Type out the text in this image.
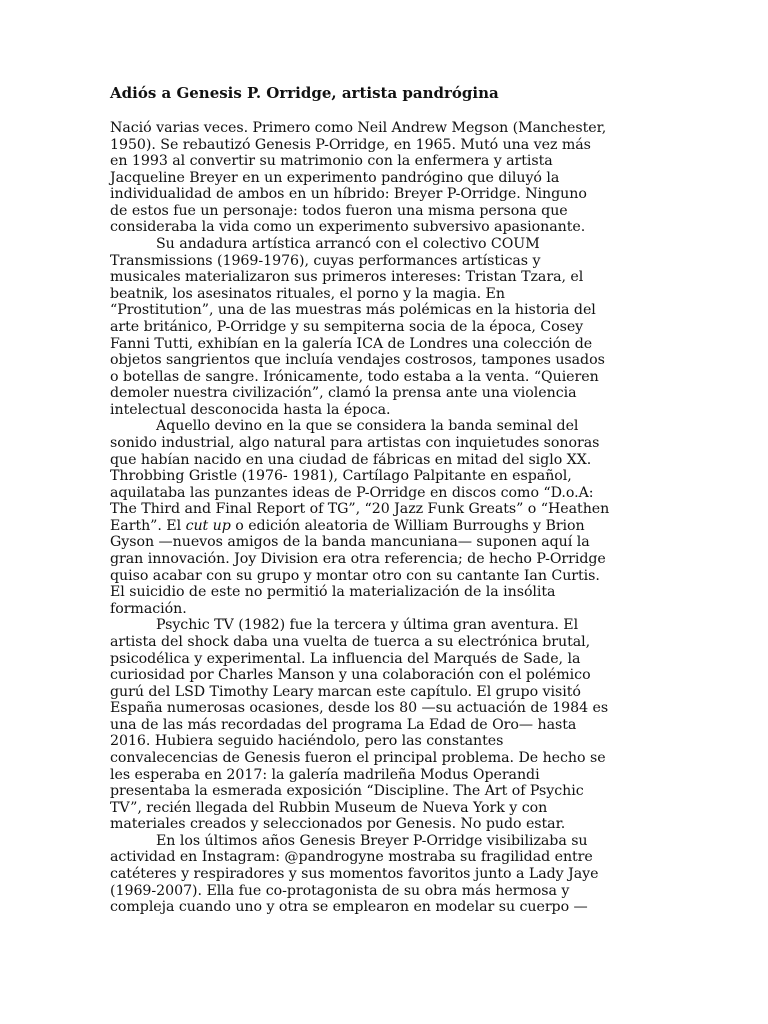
Adiós a Genesis P. Orridge, artista pandrógina
Nació varias veces. Primero como Neil Andrew Megson (Manchester,
1950). Se rebautizó Genesis P-Orridge, en 1965. Mutó una vez más
en 1993 al convertir su matrimonio con la enfermera y artista
Jacqueline Breyer en un experimento pandrógino que diluyó la
individualidad de ambos en un híbrido: Breyer P-Orridge. Ninguno
de estos fue un personaje: todos fueron una misma persona que
consideraba la vida como un experimento subversivo apasionante.
Su andadura artística arrancó con el colectivo COUM
Transmissions (1969-1976), cuyas performances artísticas y
musicales materializaron sus primeros intereses: Tristan Tzara, el
beatnik, los asesinatos rituales, el porno y la magia. En
“Prostitution”, una de las muestras más polémicas en la historia del
arte británico, P-Orridge y su sempiterna socia de la época, Cosey
Fanni Tutti, exhibían en la galería ICA de Londres una colección de
objetos sangrientos que incluía vendajes costrosos, tampones usados
o botellas de sangre. Irónicamente, todo estaba a la venta. “Quieren
demoler nuestra civilización”, clamó la prensa ante una violencia
intelectual desconocida hasta la época.
Aquello devino en la que se considera la banda seminal del
sonido industrial, algo natural para artistas con inquietudes sonoras
que habían nacido en una ciudad de fábricas en mitad del siglo XX.
Throbbing Gristle (1976- 1981), Cartílago Palpitante en español,
aquilataba las punzantes ideas de P-Orridge en discos como “D.o.A:
The Third and Final Report of TG”, “20 Jazz Funk Greats” o “Heathen
Earth”. El cut up o edición aleatoria de William Burroughs y Brion
Gyson —nuevos amigos de la banda mancuniana— suponen aquí la
gran innovación. Joy Division era otra referencia; de hecho P-Orridge
quiso acabar con su grupo y montar otro con su cantante Ian Curtis.
El suicidio de este no permitió la materialización de la insólita
formación.
Psychic TV (1982) fue la tercera y última gran aventura. El
artista del shock daba una vuelta de tuerca a su electrónica brutal,
psicodélica y experimental. La influencia del Marqués de Sade, la
curiosidad por Charles Manson y una colaboración con el polémico
gurú del LSD Timothy Leary marcan este capítulo. El grupo visitó
España numerosas ocasiones, desde los 80 —su actuación de 1984 es
una de las más recordadas del programa La Edad de Oro— hasta
2016. Hubiera seguido haciéndolo, pero las constantes
convalecencias de Genesis fueron el principal problema. De hecho se
les esperaba en 2017: la galería madrileña Modus Operandi
presentaba la esmerada exposición “Discipline. The Art of Psychic
TV”, recién llegada del Rubbin Museum de Nueva York y con
materiales creados y seleccionados por Genesis. No pudo estar.
En los últimos años Genesis Breyer P-Orridge visibilizaba su
actividad en Instagram: @pandrogyne mostraba su fragilidad entre
catéteres y respiradores y sus momentos favoritos junto a Lady Jaye
(1969-2007). Ella fue co-protagonista de su obra más hermosa y
compleja cuando uno y otra se emplearon en modelar su cuerpo —
